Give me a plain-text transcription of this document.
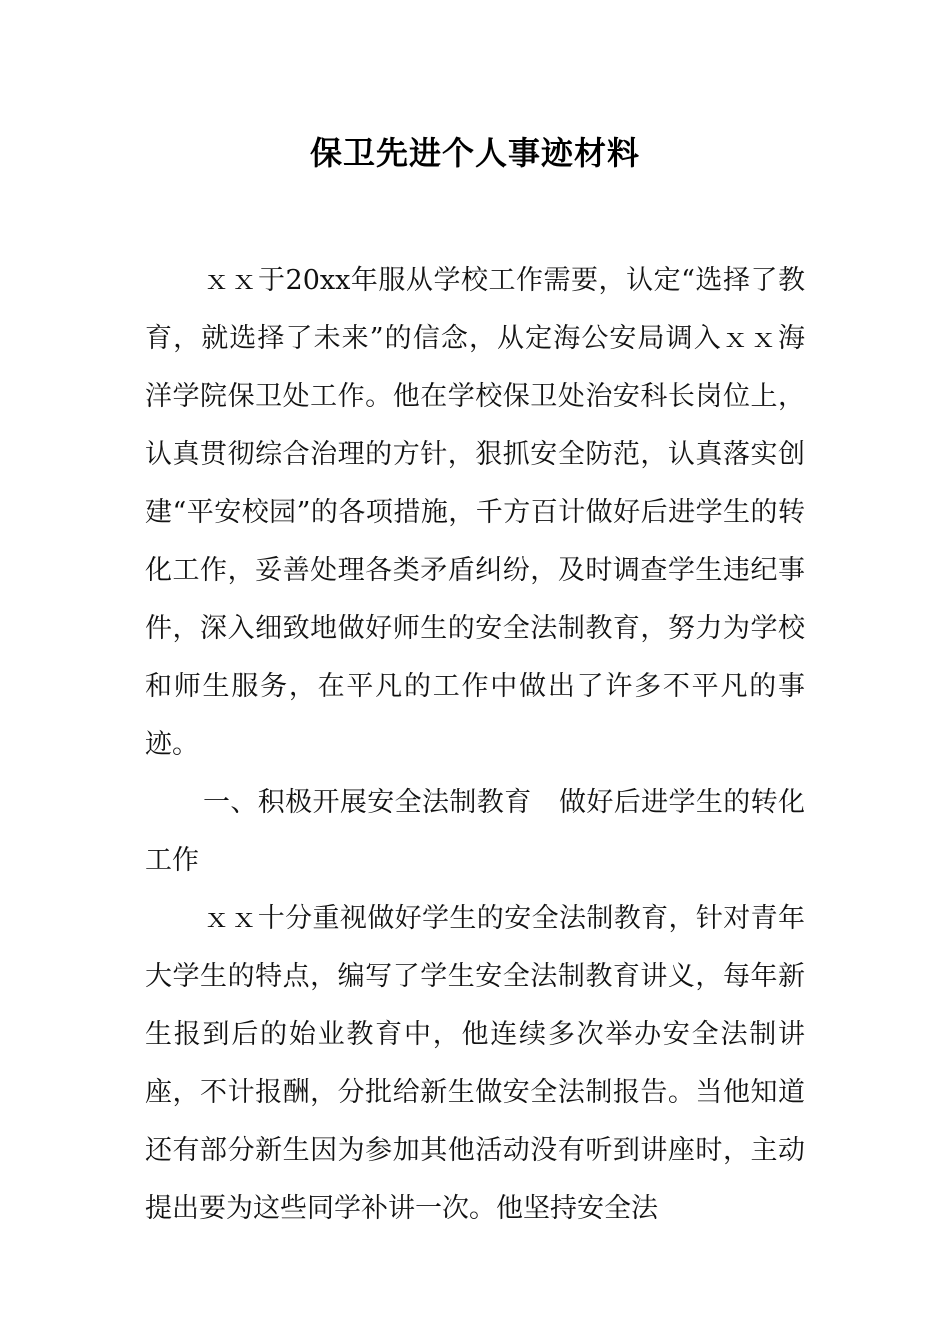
保卫先进个人事迹材料

ｘｘ于20xx年服从学校工作需要，认定“选择了教育，就选择了未来”的信念，从定海公安局调入ｘｘ海洋学院保卫处工作。他在学校保卫处治安科长岗位上，认真贯彻综合治理的方针，狠抓安全防范，认真落实创建“平安校园”的各项措施，千方百计做好后进学生的转化工作，妥善处理各类矛盾纠纷，及时调查学生违纪事件，深入细致地做好师生的安全法制教育，努力为学校和师生服务，在平凡的工作中做出了许多不平凡的事迹。

一、积极开展安全法制教育　做好后进学生的转化工作

ｘｘ十分重视做好学生的安全法制教育，针对青年大学生的特点，编写了学生安全法制教育讲义，每年新生报到后的始业教育中，他连续多次举办安全法制讲座，不计报酬，分批给新生做安全法制报告。当他知道还有部分新生因为参加其他活动没有听到讲座时，主动提出要为这些同学补讲一次。他坚持安全法
